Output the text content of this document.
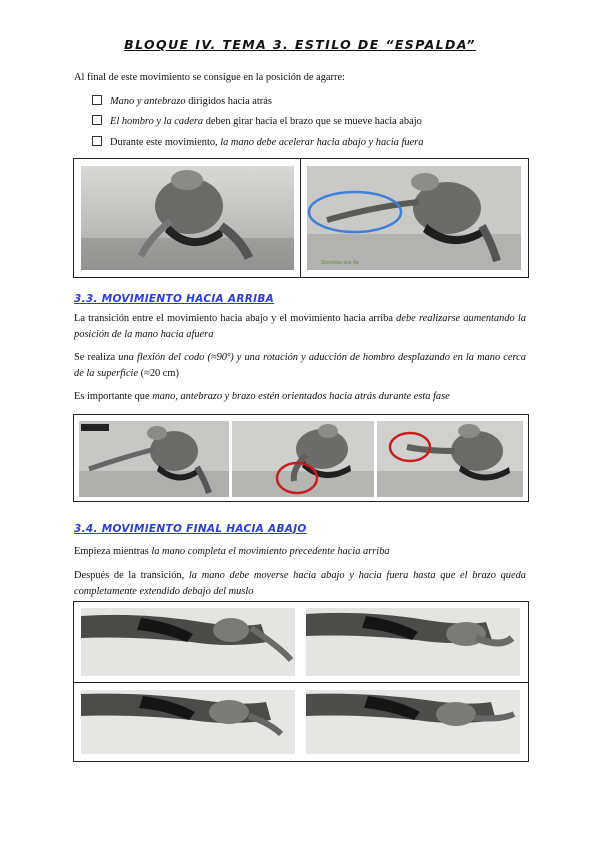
BLOQUE IV. TEMA 3. ESTILO DE “ESPALDA”
Al final de este movimiento se consigue en la posición de agarre:
Mano y antebrazo dirigidos hacia atrás
El hombro y la cadera deben girar hacia el brazo que se mueve hacia abajo
Durante este movimiento, la mano debe acelerar hacia abajo y hacia fuera
Shoreline dve 4p
3.3. MOVIMIENTO HACIA ARRIBA
La transición entre el movimiento hacia abajo y el movimiento hacia arriba debe realizarse aumentando la posición de la mano hacia afuera
Se realiza una flexión del codo (≈90º) y una rotación y aducción de hombro desplazando en la mano cerca de la superficie (≈20 cm)
Es importante que mano, antebrazo y brazo estén orientados hacia atrás durante esta fase
3.4. MOVIMIENTO FINAL HACIA ABAJO
Empieza mientras la mano completa el movimiento precedente hacia arriba
Después de la transición, la mano debe moverse hacia abajo y hacia fuera hasta que el brazo queda completamente extendido debajo del muslo
